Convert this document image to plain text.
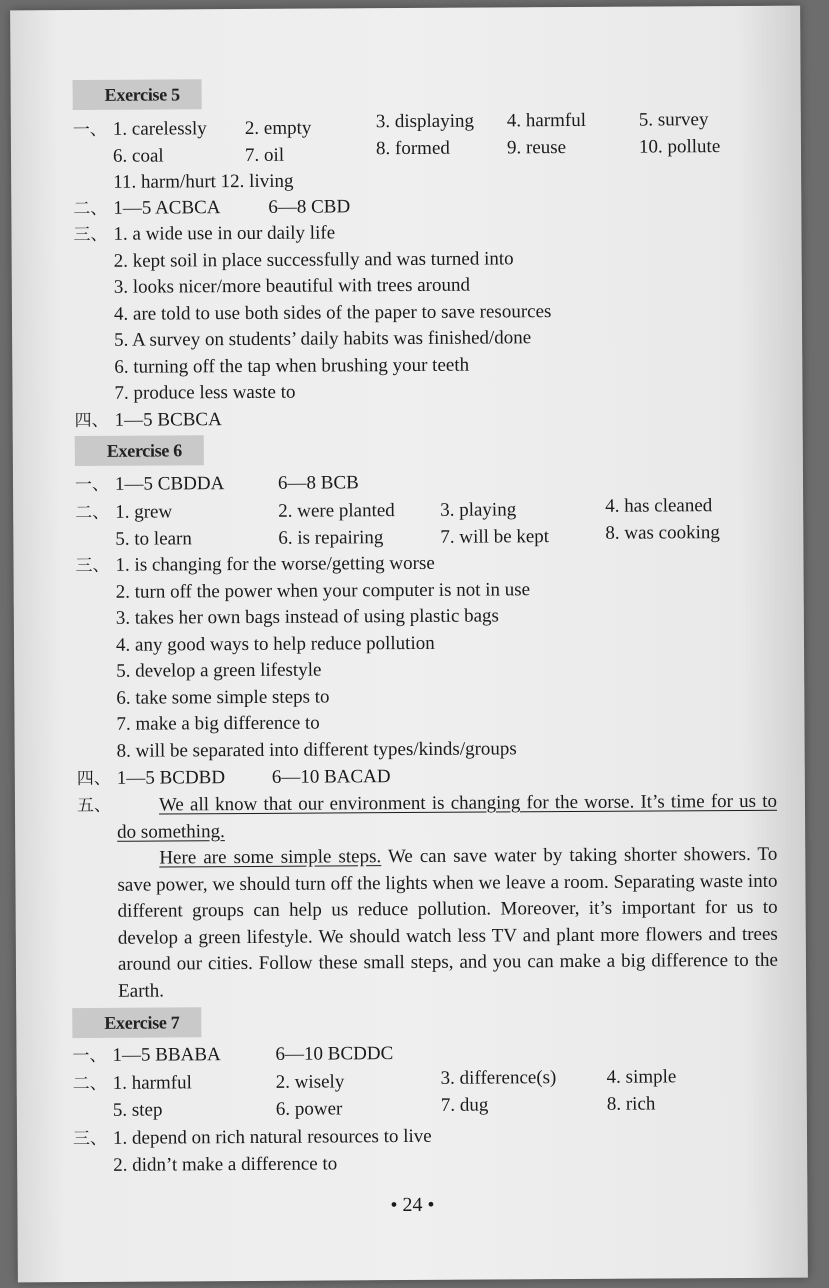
Exercise 5
一、 1. carelessly 2. empty	3. displaying 4. harmful	5. survey
6. coal	7. oil	8. formed	9. reuse	10. pollute
11. harm/hurt 12. living
二、 1—5 ACBCA	6—8 CBD
三、 1. a wide use in our daily life
2. kept soil in place successfully and was turned into
3. looks nicer/more beautiful with trees around
4. are told to use both sides of the paper to save resources
5. A survey on students’ daily habits was finished/done
6. turning off the tap when brushing your teeth
7. produce less waste to
四、 1—5 BCBCA
Exercise 6
一、 1—5 CBDDA	6—8 BCB
二、 1. grew	2. were planted 3. playing	4. has cleaned
5. to learn	6. is repairing	7. will be kept	8. was cooking
三、 1. is changing for the worse/getting worse
2. turn off the power when your computer is not in use
3. takes her own bags instead of using plastic bags
4. any good ways to help reduce pollution
5. develop a green lifestyle
6. take some simple steps to
7. make a big difference to
8. will be separated into different types/kinds/groups
四、 1—5 BCDBD 6—10 BACAD
五、	We all know that our environment is changing for the worse. It’s time for us to do something.
Here are some simple steps. We can save water by taking shorter showers. To save power, we should turn off the lights when we leave a room. Separating waste into different groups can help us reduce pollution. Moreover, it’s important for us to develop a green lifestyle. We should watch less TV and plant more flowers and trees around our cities. Follow these small steps, and you can make a big difference to the Earth.
Exercise 7
一、 1—5 BBABA	6—10 BCDDC
二、 1. harmful	2. wisely	3. difference(s)	4. simple
5. step	6. power	7. dug	8. rich
三、 1. depend on rich natural resources to live
2. didn’t make a difference to
• 24 •
